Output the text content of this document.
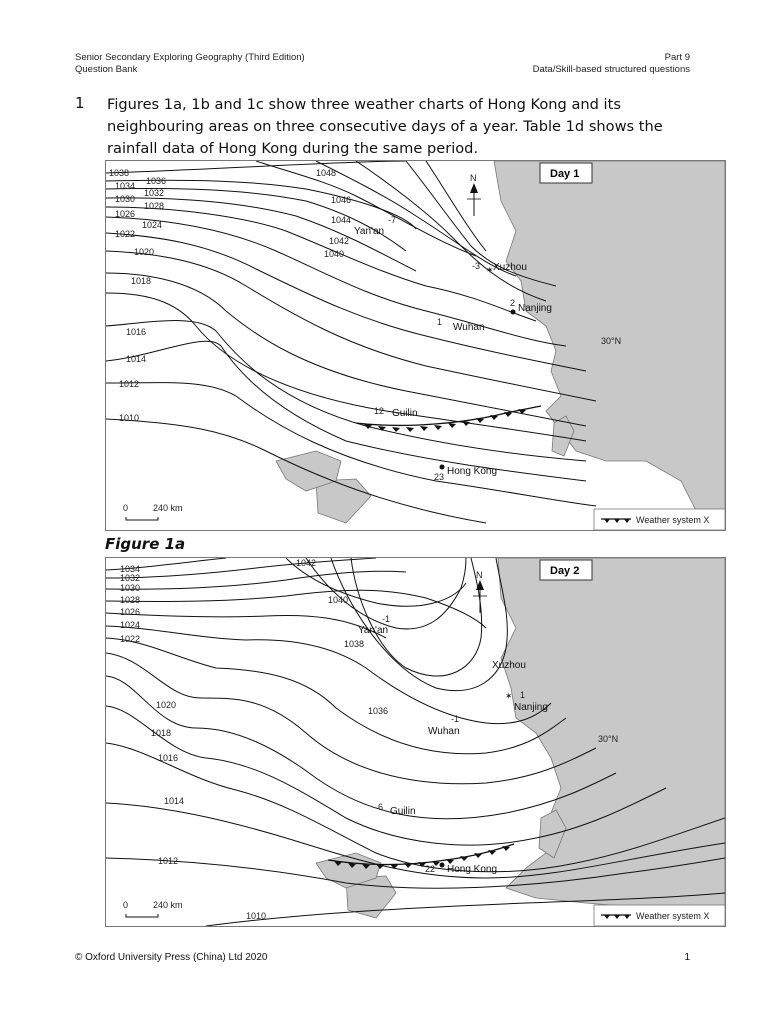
Senior Secondary Exploring Geography (Third Edition)
Question Bank
Part 9
Data/Skill-based structured questions
1 Figures 1a, 1b and 1c show three weather charts of Hong Kong and its neighbouring areas on three consecutive days of a year. Table 1d shows the rainfall data of Hong Kong during the same period.
1038
1036
1034
1032
1030
1028
1026
1024
1022
1020
1018
1016
1014
1012
1010
1048
1046
1044
1042
1040
N	Day 1
30°N
Yan'an
-7
Xuzhou
-3 ✶
Nanjing
2
Wuhan
1
Guilin
12
Hong Kong
23
0	240 km
Weather system X
Figure 1a
1034
1032
1030
1028
1026
1024
1022
1020
1018
1016
1014
1012
1010
1042
1040
1038
1036
N	Day 2
30°N
Yan'an
-1
Xuzhou
✶
Nanjing
1
Wuhan
-1
Guilin
6
Hong Kong
22
0	240 km
Weather system X
© Oxford University Press (China) Ltd 2020	1
